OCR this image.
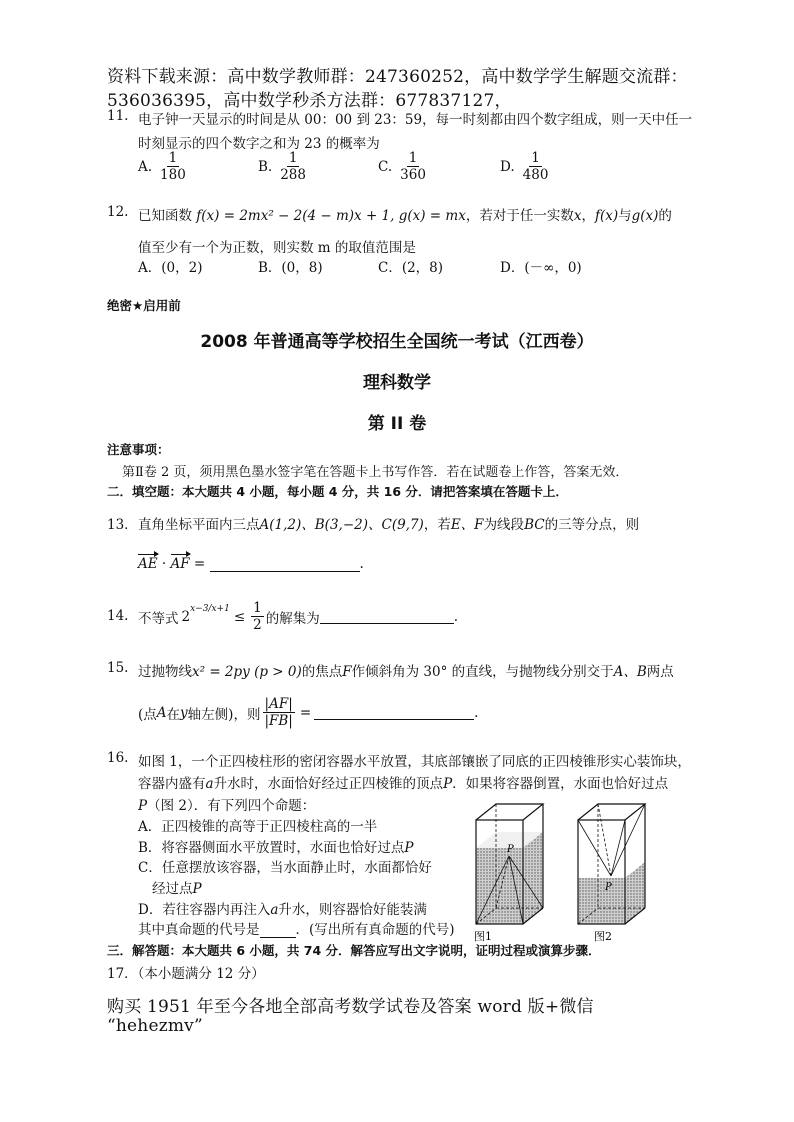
资料下载来源：高中数学教师群：247360252，高中数学学生解题交流群：
536036395，高中数学秒杀方法群：677837127，
11. 电子钟一天显示的时间是从 00：00 到 23：59，每一时刻都由四个数字组成，则一天中任一
时刻显示的四个数字之和为 23 的概率为
A. $\frac{1}{180}$	B. $\frac{1}{288}$	C. $\frac{1}{360}$	D. $\frac{1}{480}$
12. 已知函数 f(x) = 2mx² − 2(4 − m)x + 1, g(x) = mx，若对于任一实数x，f(x)与g(x)的
值至少有一个为正数，则实数 m 的取值范围是
A．(0，2)	B．(0，8)	C．(2，8)	D．(－∞，0)
绝密★启用前
2008 年普通高等学校招生全国统一考试（江西卷）
理科数学
第 II 卷
注意事项：
第Ⅱ卷 2 页，须用黑色墨水签字笔在答题卡上书写作答．若在试题卷上作答，答案无效．
二．填空题：本大题共 4 小题，每小题 4 分，共 16 分．请把答案填在答题卡上．
13． 直角坐标平面内三点A(1,2)、B(3,−2)、C(9,7)，若E、F为线段BC的三等分点，则
AE · AF =	.
14. 不等式 $2^{x-3/x+1} \le \frac{1}{2}$ 的解集为	.
15. 过抛物线x² = 2py (p > 0)的焦点F作倾斜角为 30° 的直线，与抛物线分别交于A、B两点
(点 A 在 y 轴左侧)，则 $\frac{|AF|}{|FB|}$ =	.
16. 如图 1，一个正四棱柱形的密闭容器水平放置，其底部镶嵌了同底的正四棱锥形实心装饰块，
容器内盛有a升水时，水面恰好经过正四棱锥的顶点P．如果将容器倒置，水面也恰好过点
P（图 2）．有下列四个命题：
A．正四棱锥的高等于正四棱柱高的一半
B．将容器侧面水平放置时，水面也恰好过点P
C．任意摆放该容器，当水面静止时，水面都恰好
经过点P
D．若往容器内再注入a升水，则容器恰好能装满
其中真命题的代号是	．(写出所有真命题的代号)
P
图1
P
图2
三．解答题：本大题共 6 小题，共 74 分．解答应写出文字说明，证明过程或演算步骤．
17．（本小题满分 12 分）
购买 1951 年至今各地全部高考数学试卷及答案 word 版+微信
“hehezmv”
